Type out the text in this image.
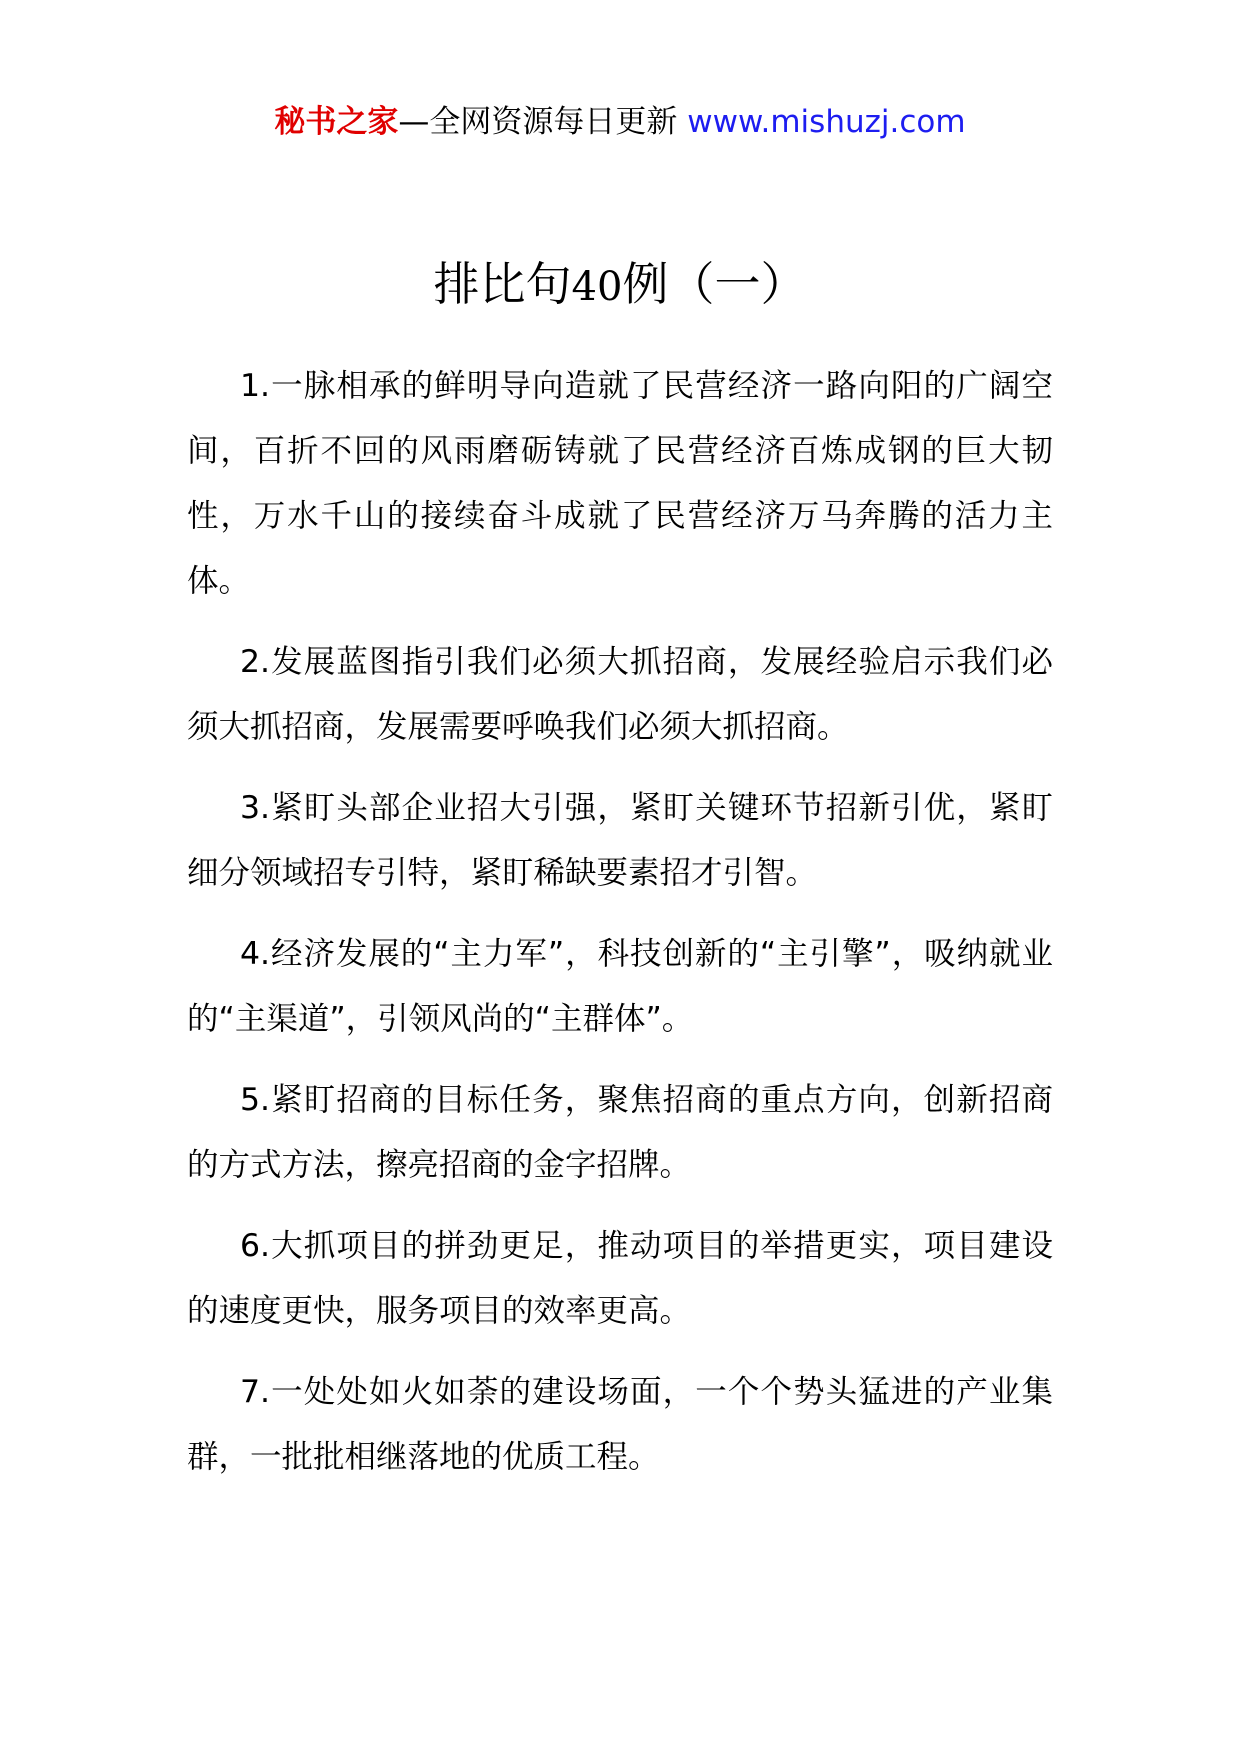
秘书之家—全网资源每日更新 www.mishuzj.com
排比句40例（一）

1.一脉相承的鲜明导向造就了民营经济一路向阳的广阔空间，百折不回的风雨磨砺铸就了民营经济百炼成钢的巨大韧性，万水千山的接续奋斗成就了民营经济万马奔腾的活力主体。

2.发展蓝图指引我们必须大抓招商，发展经验启示我们必须大抓招商，发展需要呼唤我们必须大抓招商。

3.紧盯头部企业招大引强，紧盯关键环节招新引优，紧盯细分领域招专引特，紧盯稀缺要素招才引智。

4.经济发展的“主力军”，科技创新的“主引擎”，吸纳就业的“主渠道”，引领风尚的“主群体”。

5.紧盯招商的目标任务，聚焦招商的重点方向，创新招商的方式方法，擦亮招商的金字招牌。

6.大抓项目的拼劲更足，推动项目的举措更实，项目建设的速度更快，服务项目的效率更高。

7.一处处如火如荼的建设场面，一个个势头猛进的产业集群，一批批相继落地的优质工程。
